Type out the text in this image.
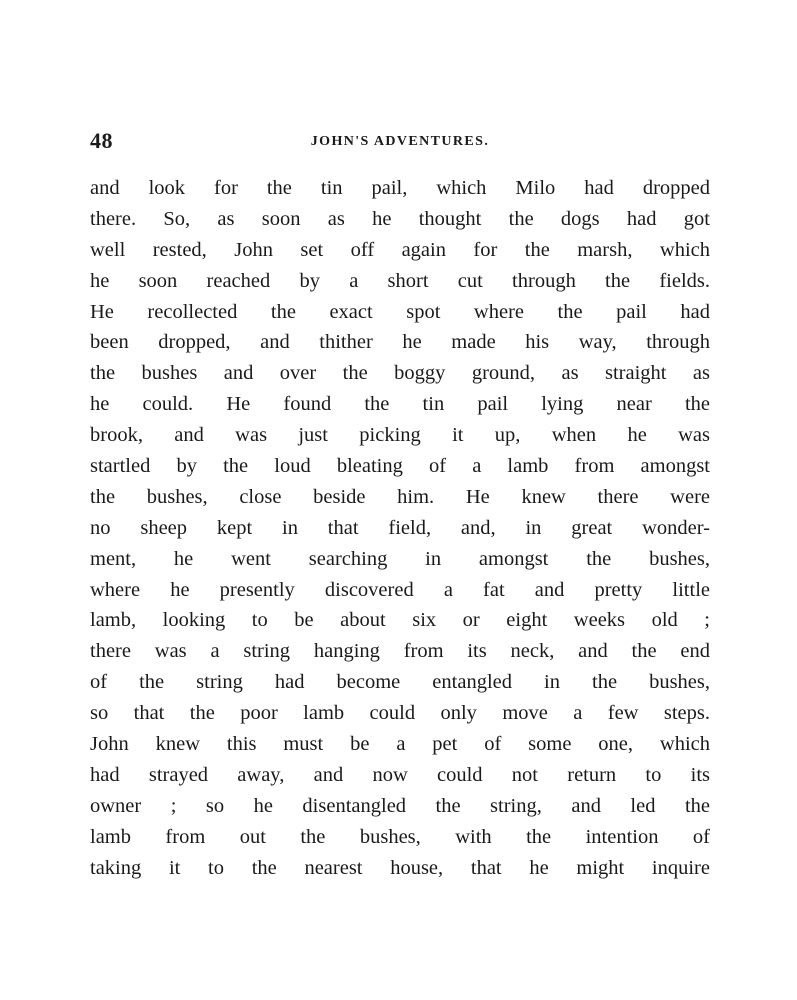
48	JOHN'S ADVENTURES.
and look for the tin pail, which Milo had dropped
there. So, as soon as he thought the dogs had got
well rested, John set off again for the marsh, which
he soon reached by a short cut through the fields.
He recollected the exact spot where the pail had
been dropped, and thither he made his way, through
the bushes and over the boggy ground, as straight as
he could. He found the tin pail lying near the
brook, and was just picking it up, when he was
startled by the loud bleating of a lamb from amongst
the bushes, close beside him. He knew there were
no sheep kept in that field, and, in great wonder-
ment, he went searching in amongst the bushes,
where he presently discovered a fat and pretty little
lamb, looking to be about six or eight weeks old ;
there was a string hanging from its neck, and the end
of the string had become entangled in the bushes,
so that the poor lamb could only move a few steps.
John knew this must be a pet of some one, which
had strayed away, and now could not return to its
owner ; so he disentangled the string, and led the
lamb from out the bushes, with the intention of
taking it to the nearest house, that he might inquire
